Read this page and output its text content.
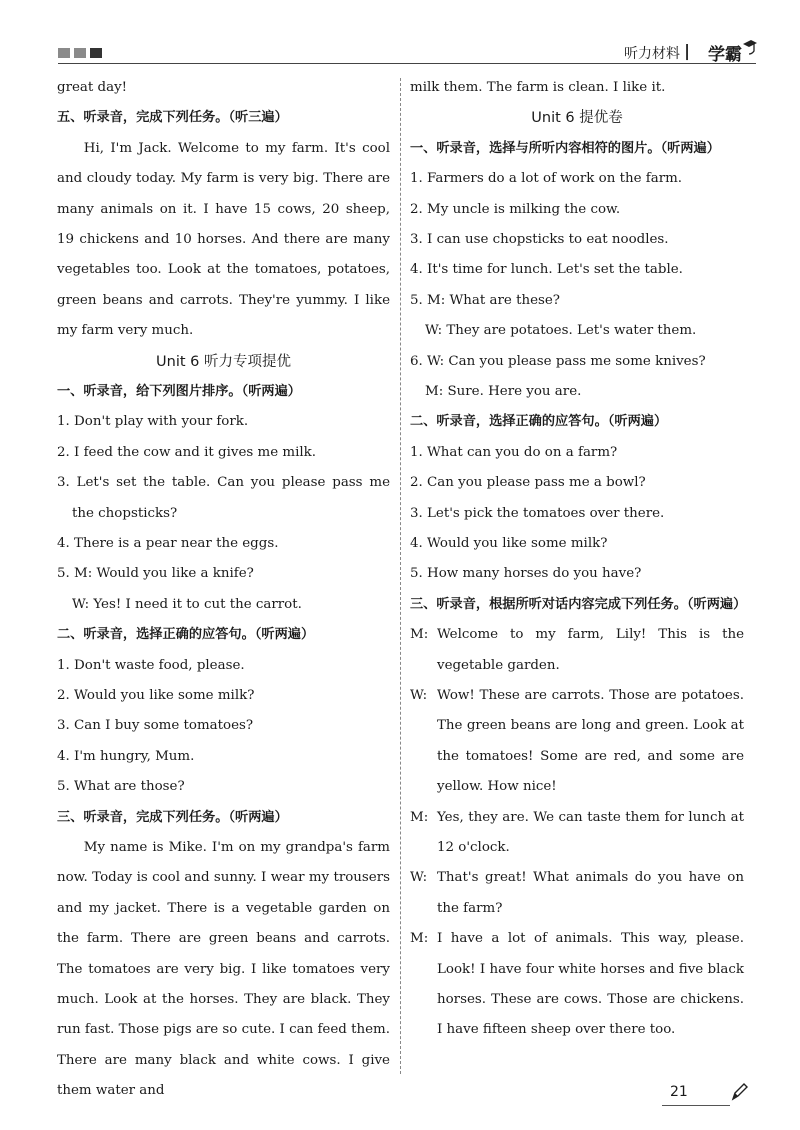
听力材料 | 学霸
great day!
五、听录音，完成下列任务。（听三遍）
Hi, I'm Jack. Welcome to my farm. It's cool and cloudy today. My farm is very big. There are many animals on it. I have 15 cows, 20 sheep, 19 chickens and 10 horses. And there are many vegetables too. Look at the tomatoes, potatoes, green beans and carrots. They're yummy. I like my farm very much.
Unit 6 听力专项提优
一、听录音，给下列图片排序。（听两遍）
1. Don't play with your fork.
2. I feed the cow and it gives me milk.
3. Let's set the table. Can you please pass me the chopsticks?
4. There is a pear near the eggs.
5. M: Would you like a knife?
W: Yes! I need it to cut the carrot.
二、听录音，选择正确的应答句。（听两遍）
1. Don't waste food, please.
2. Would you like some milk?
3. Can I buy some tomatoes?
4. I'm hungry, Mum.
5. What are those?
三、听录音，完成下列任务。（听两遍）
My name is Mike. I'm on my grandpa's farm now. Today is cool and sunny. I wear my trousers and my jacket. There is a vegetable garden on the farm. There are green beans and carrots. The tomatoes are very big. I like tomatoes very much. Look at the horses. They are black. They run fast. Those pigs are so cute. I can feed them. There are many black and white cows. I give them water and
milk them. The farm is clean. I like it.
Unit 6 提优卷
一、听录音，选择与所听内容相符的图片。（听两遍）
1. Farmers do a lot of work on the farm.
2. My uncle is milking the cow.
3. I can use chopsticks to eat noodles.
4. It's time for lunch. Let's set the table.
5. M: What are these?
W: They are potatoes. Let's water them.
6. W: Can you please pass me some knives?
M: Sure. Here you are.
二、听录音，选择正确的应答句。（听两遍）
1. What can you do on a farm?
2. Can you please pass me a bowl?
3. Let's pick the tomatoes over there.
4. Would you like some milk?
5. How many horses do you have?
三、听录音，根据所听对话内容完成下列任务。（听两遍）
M: Welcome to my farm, Lily! This is the vegetable garden.
W: Wow! These are carrots. Those are potatoes. The green beans are long and green. Look at the tomatoes! Some are red, and some are yellow. How nice!
M: Yes, they are. We can taste them for lunch at 12 o'clock.
W: That's great! What animals do you have on the farm?
M: I have a lot of animals. This way, please. Look! I have four white horses and five black horses. These are cows. Those are chickens. I have fifteen sheep over there too.
21
